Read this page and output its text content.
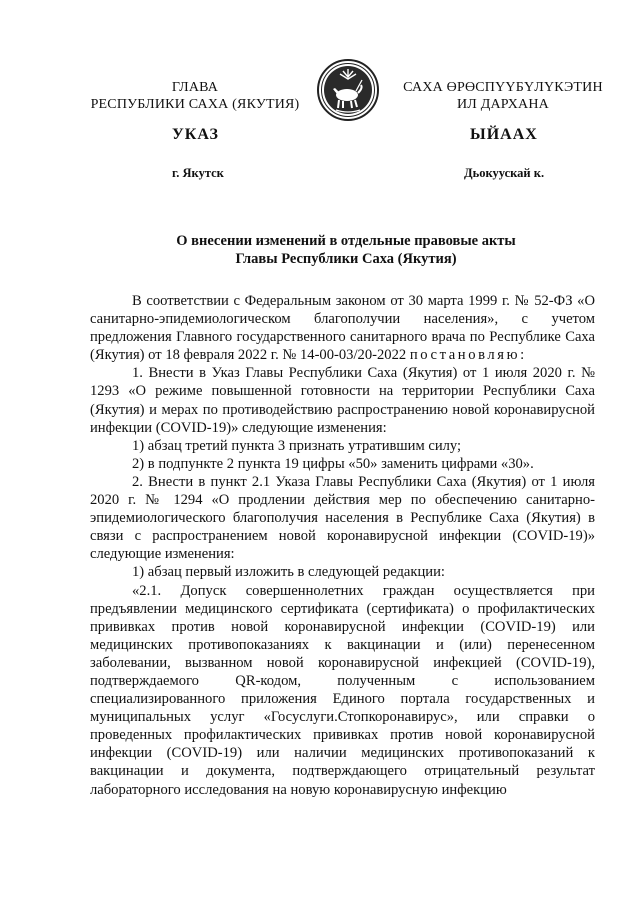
ГЛАВА
РЕСПУБЛИКИ САХА (ЯКУТИЯ)
САХА ӨРӨСПҮҮБҮЛҮКЭТИН
ИЛ ДАРХАНА
УКАЗ	ЫЙААХ
г. Якутск	Дьокуускай к.
О внесении изменений в отдельные правовые акты
Главы Республики Саха (Якутия)

В соответствии с Федеральным законом от 30 марта 1999 г. № 52-ФЗ «О санитарно-эпидемиологическом благополучии населения», с учетом предложения Главного государственного санитарного врача по Республике Саха (Якутия) от 18 февраля 2022 г. № 14-00-03/20-2022 постановляю:

1. Внести в Указ Главы Республики Саха (Якутия) от 1 июля 2020 г. № 1293 «О режиме повышенной готовности на территории Республики Саха (Якутия) и мерах по противодействию распространению новой коронавирусной инфекции (COVID-19)» следующие изменения:

1) абзац третий пункта 3 признать утратившим силу;

2) в подпункте 2 пункта 19 цифры «50» заменить цифрами «30».

2. Внести в пункт 2.1 Указа Главы Республики Саха (Якутия) от 1 июля 2020 г. № 1294 «О продлении действия мер по обеспечению санитарно-эпидемиологического благополучия населения в Республике Саха (Якутия) в связи с распространением новой коронавирусной инфекции (COVID-19)» следующие изменения:

1) абзац первый изложить в следующей редакции:

«2.1. Допуск совершеннолетних граждан осуществляется при предъявлении медицинского сертификата (сертификата) о профилактических прививках против новой коронавирусной инфекции (COVID-19) или медицинских противопоказаниях к вакцинации и (или) перенесенном заболевании, вызванном новой коронавирусной инфекцией (COVID-19), подтверждаемого QR-кодом, полученным с использованием специализированного приложения Единого портала государственных и муниципальных услуг «Госуслуги.Стопкоронавирус», или справки о проведенных профилактических прививках против новой коронавирусной инфекции (COVID-19) или наличии медицинских противопоказаний к вакцинации и документа, подтверждающего отрицательный результат лабораторного исследования на новую коронавирусную инфекцию
